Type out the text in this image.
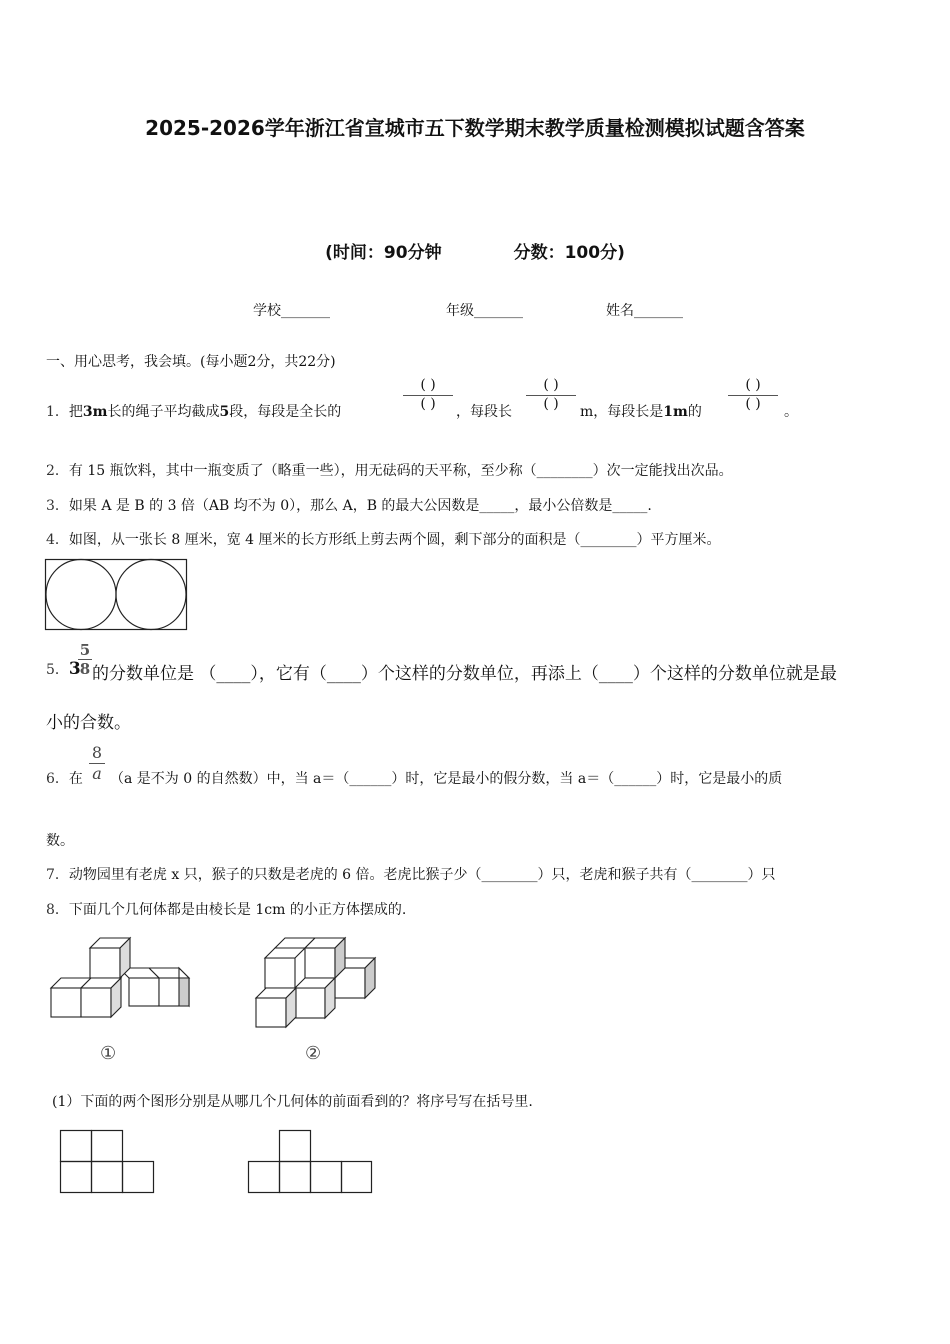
2025-2026学年浙江省宣城市五下数学期末教学质量检测模拟试题含答案
(时间：90分钟	分数：100分)
学校_______	年级_______	姓名_______
一、用心思考，我会填。(每小题2分，共22分)
1．把3m长的绳子平均截成5段，每段是全长的
( )
( )	，每段长
( )
( )	m，每段长是1m的
( )
( )	。
2．有 15 瓶饮料，其中一瓶变质了（略重一些），用无砝码的天平称，至少称（________）次一定能找出次品。
3．如果 A 是 B 的 3 倍（AB 均不为 0），那么 A，B 的最大公因数是_____，最小公倍数是_____.
4．如图，从一张长 8 厘米，宽 4 厘米的长方形纸上剪去两个圆，剩下部分的面积是（________）平方厘米。
5．3
5
8 的分数单位是 （____），它有（____）个这样的分数单位，再添上（____）个这样的分数单位就是最
小的合数。
6．在
8
a （a 是不为 0 的自然数）中，当 a＝（______）时，它是最小的假分数，当 a＝（______）时，它是最小的质
数。
7．动物园里有老虎 x 只，猴子的只数是老虎的 6 倍。老虎比猴子少（________）只，老虎和猴子共有（________）只
8．下面几个几何体都是由棱长是 1cm 的小正方体摆成的.
①	②
(1）下面的两个图形分别是从哪几个几何体的前面看到的？将序号写在括号里.
